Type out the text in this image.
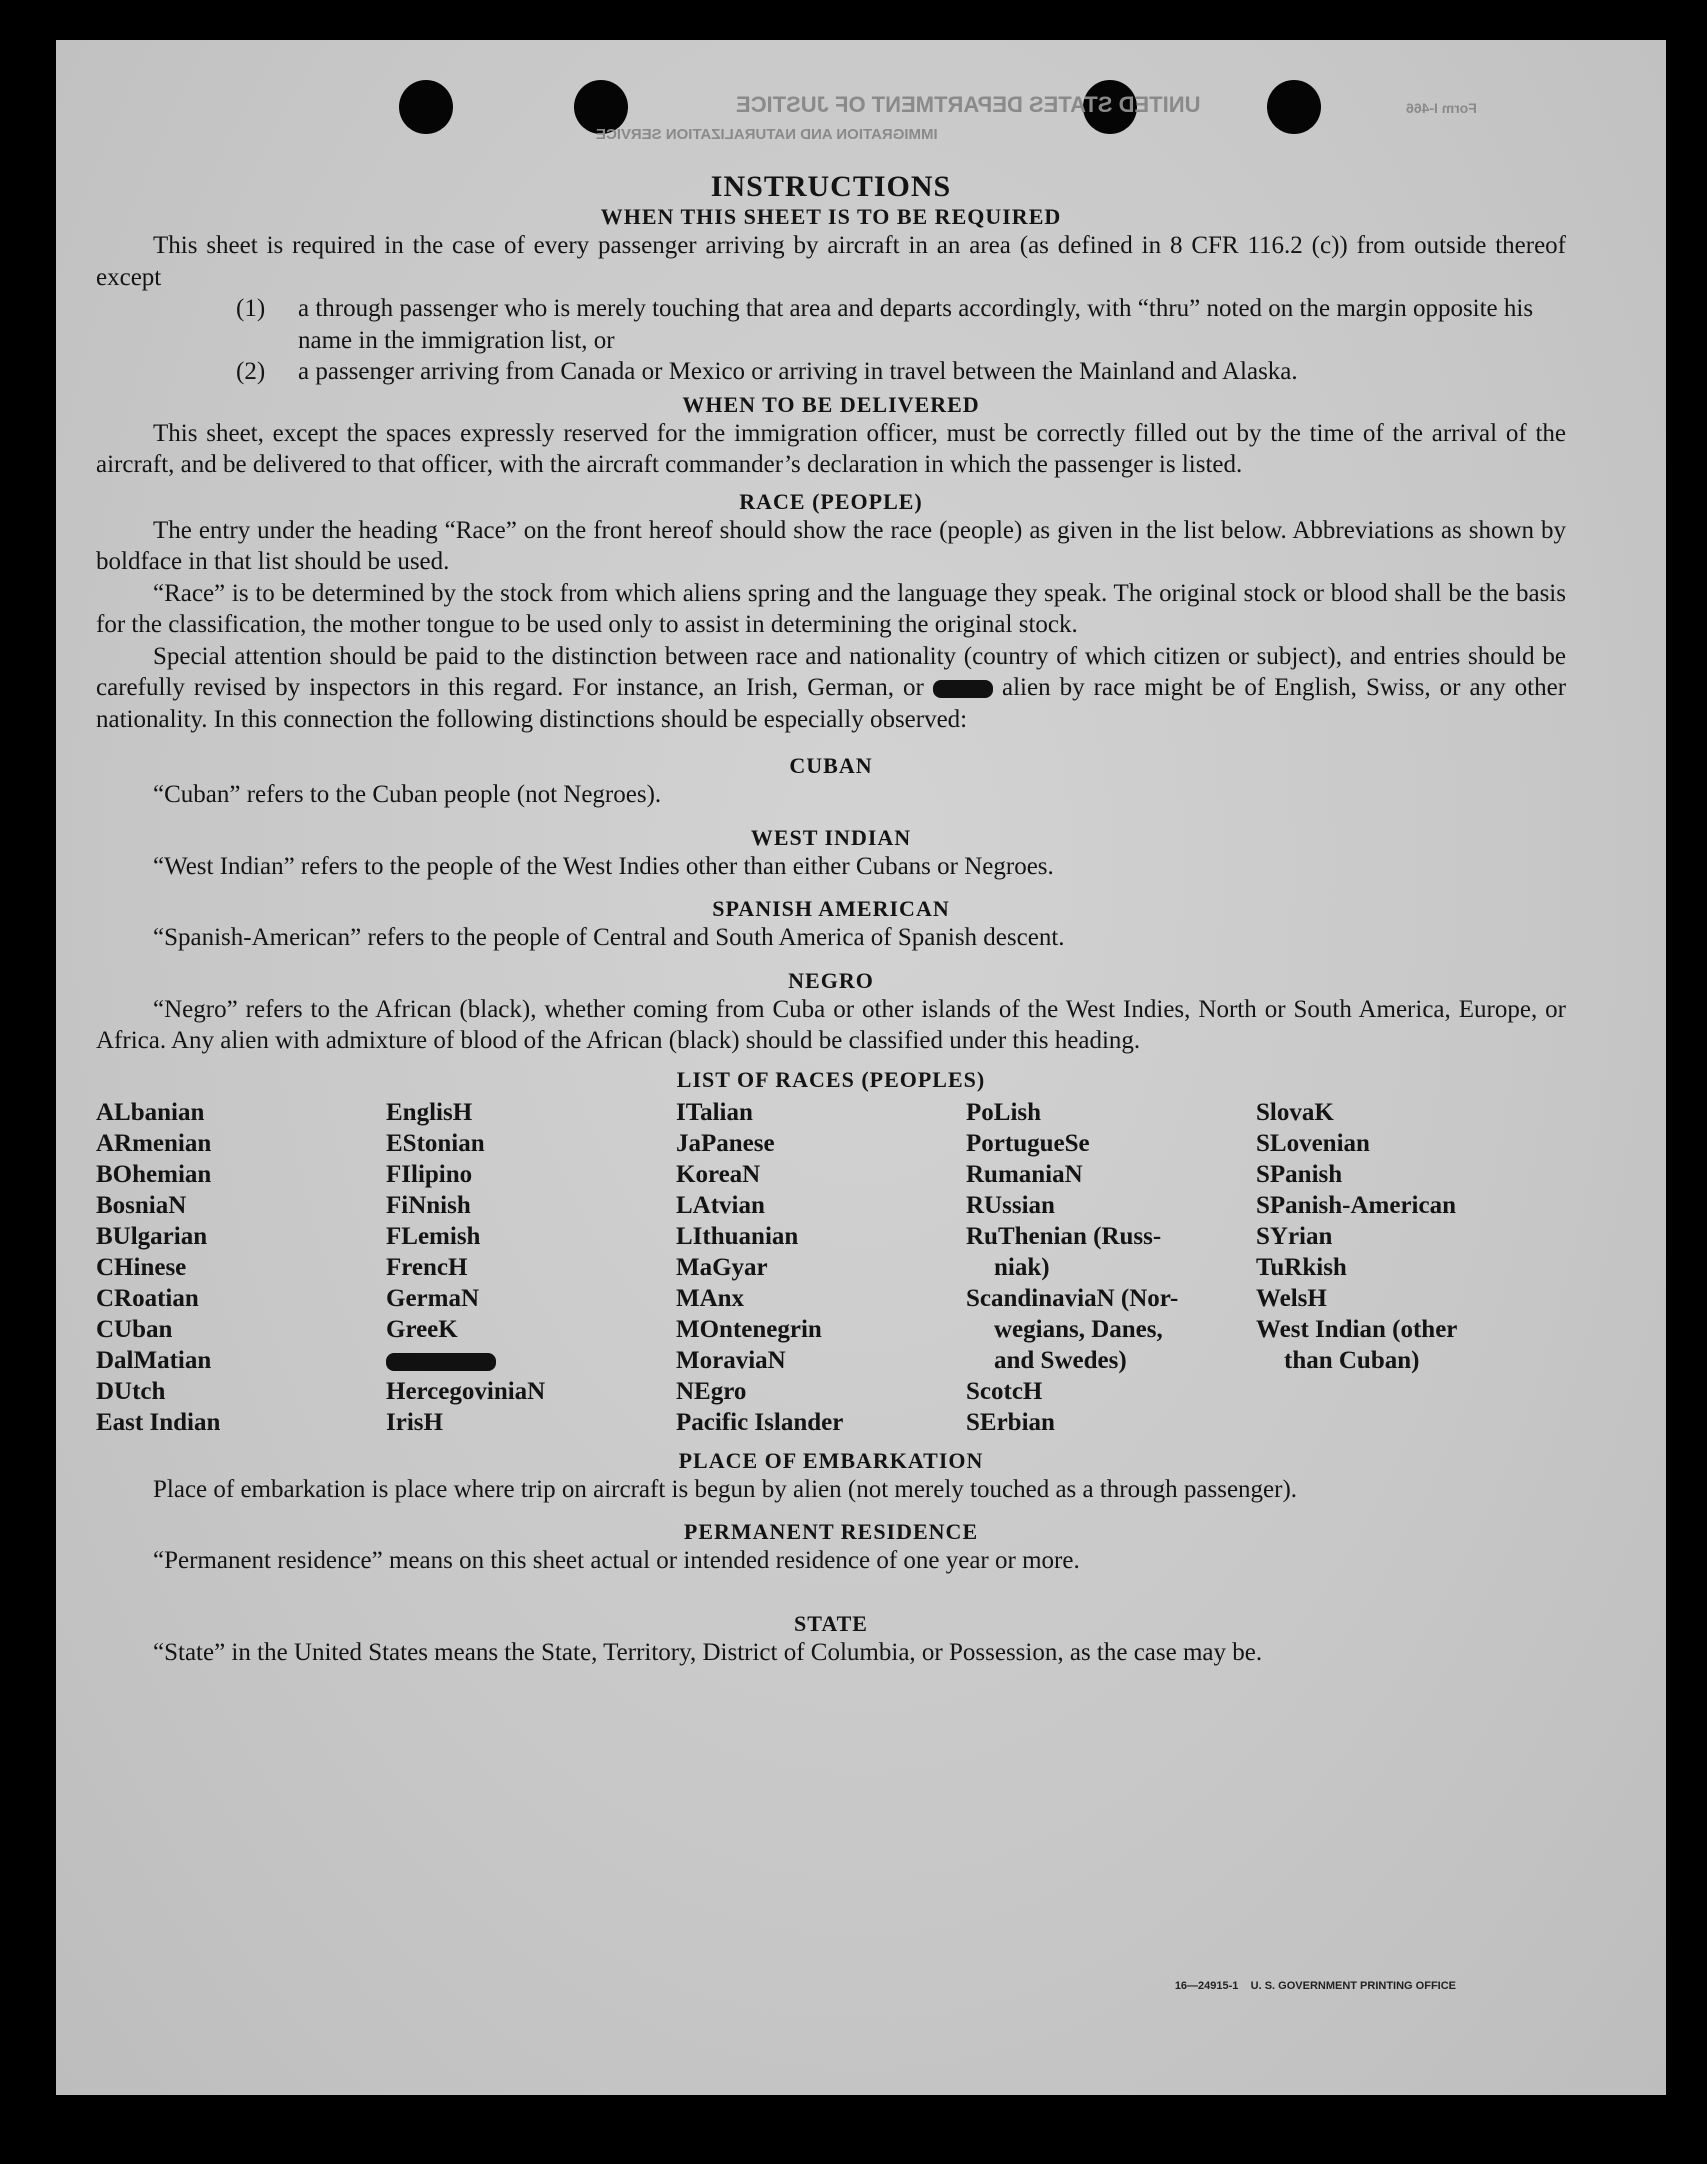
UNITED STATES DEPARTMENT OF JUSTICE
IMMIGRATION AND NATURALIZATION SERVICE
Form I-466
INSTRUCTIONS
WHEN THIS SHEET IS TO BE REQUIRED

This sheet is required in the case of every passenger arriving by aircraft in an area (as defined in 8 CFR 116.2 (c)) from outside thereof except

(1) a through passenger who is merely touching that area and departs accordingly, with “thru” noted on the margin opposite his name in the immigration list, or
(2) a passenger arriving from Canada or Mexico or arriving in travel between the Mainland and Alaska.
WHEN TO BE DELIVERED

This sheet, except the spaces expressly reserved for the immigration officer, must be correctly filled out by the time of the arrival of the aircraft, and be delivered to that officer, with the aircraft commander’s declaration in which the passenger is listed.

RACE (PEOPLE)

The entry under the heading “Race” on the front hereof should show the race (people) as given in the list below. Abbreviations as shown by boldface in that list should be used.

“Race” is to be determined by the stock from which aliens spring and the language they speak. The original stock or blood shall be the basis for the classification, the mother tongue to be used only to assist in determining the original stock.

Special attention should be paid to the distinction between race and nationality (country of which citizen or subject), and entries should be carefully revised by inspectors in this regard. For instance, an Irish, German, or	alien by race might be of English, Swiss, or any other nationality. In this connection the following distinctions should be especially observed:

CUBAN

“Cuban” refers to the Cuban people (not Negroes).

WEST INDIAN

“West Indian” refers to the people of the West Indies other than either Cubans or Negroes.

SPANISH AMERICAN

“Spanish-American” refers to the people of Central and South America of Spanish descent.

NEGRO

“Negro” refers to the African (black), whether coming from Cuba or other islands of the West Indies, North or South America, Europe, or Africa. Any alien with admixture of blood of the African (black) should be classified under this heading.

LIST OF RACES (PEOPLES)
ALbanian
ARmenian
BOhemian
BosniaN
BUlgarian
CHinese
CRoatian
CUban
DalMatian
DUtch
East Indian
EnglisH
EStonian
FIlipino
FiNnish
FLemish
FrencH
GermaN
GreeK
HercegoviniaN
IrisH
ITalian
JaPanese
KoreaN
LAtvian
LIthuanian
MaGyar
MAnx
MOntenegrin
MoraviaN
NEgro
Pacific Islander
PoLish
PortugueSe
RumaniaN
RUssian
RuThenian (Russ-
niak)
ScandinaviaN (Nor-
wegians, Danes,
and Swedes)
ScotcH
SErbian
SlovaK
SLovenian
SPanish
SPanish-American
SYrian
TuRkish
WelsH
West Indian (other
than Cuban)
PLACE OF EMBARKATION

Place of embarkation is place where trip on aircraft is begun by alien (not merely touched as a through passenger).

PERMANENT RESIDENCE

“Permanent residence” means on this sheet actual or intended residence of one year or more.

STATE

“State” in the United States means the State, Territory, District of Columbia, or Possession, as the case may be.

16—24915-1 U. S. GOVERNMENT PRINTING OFFICE
